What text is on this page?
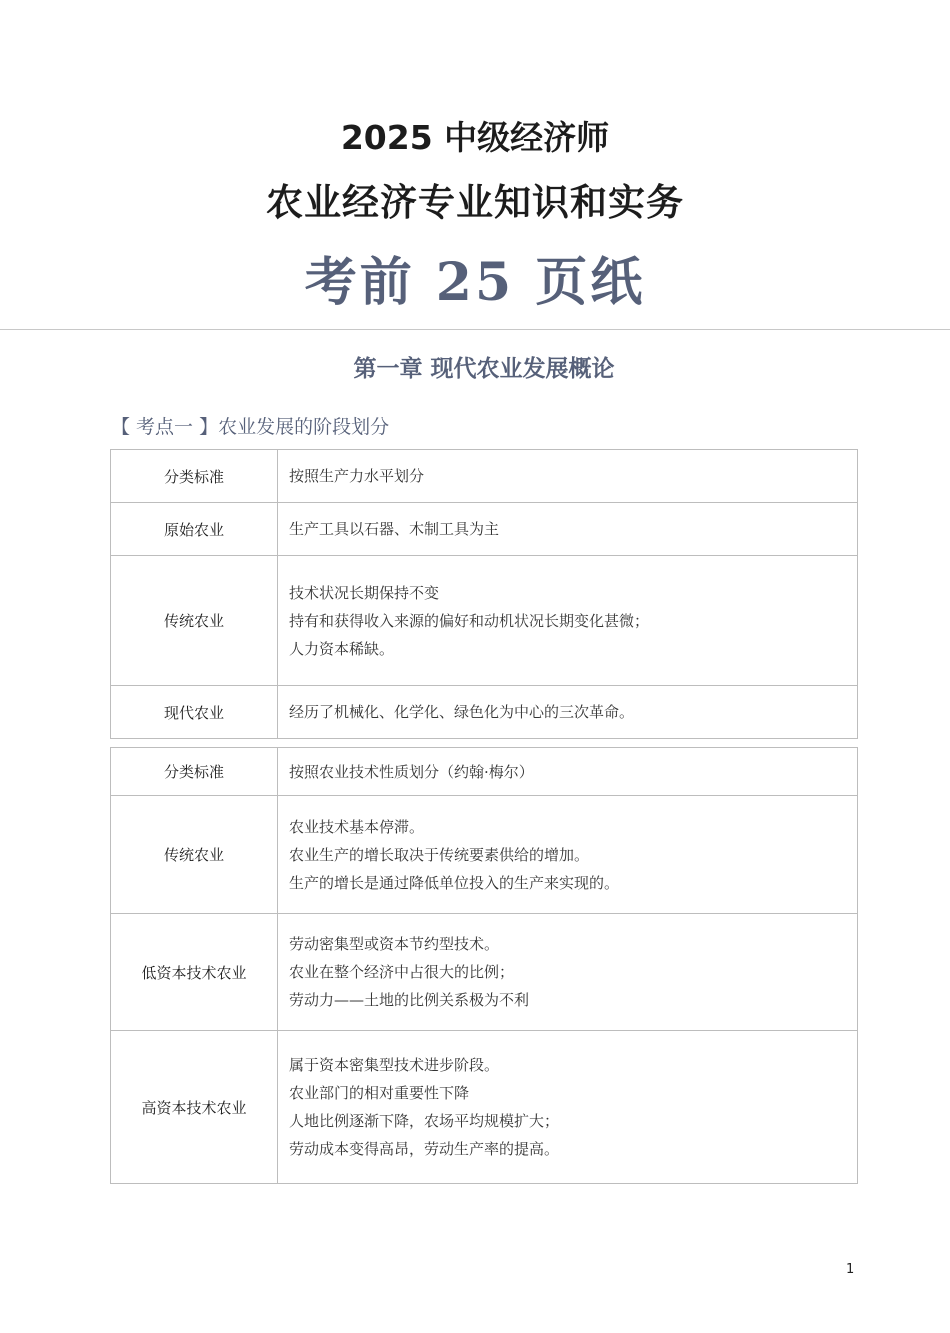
2025 中级经济师
农业经济专业知识和实务
考前 25 页纸
第一章 现代农业发展概论
【 考点一 】农业发展的阶段划分
分类标准	按照生产力水平划分

原始农业	生产工具以石器、木制工具为主

传统农业	技术状况长期保持不变
持有和获得收入来源的偏好和动机状况长期变化甚微；
人力资本稀缺。

现代农业	经历了机械化、化学化、绿色化为中心的三次革命。
分类标准	按照农业技术性质划分（约翰·梅尔）

传统农业	农业技术基本停滞。
农业生产的增长取决于传统要素供给的增加。
生产的增长是通过降低单位投入的生产来实现的。

低资本技术农业	劳动密集型或资本节约型技术。
农业在整个经济中占很大的比例；
劳动力——土地的比例关系极为不利

高资本技术农业	属于资本密集型技术进步阶段。
农业部门的相对重要性下降
人地比例逐渐下降，农场平均规模扩大；
劳动成本变得高昂，劳动生产率的提高。
1
